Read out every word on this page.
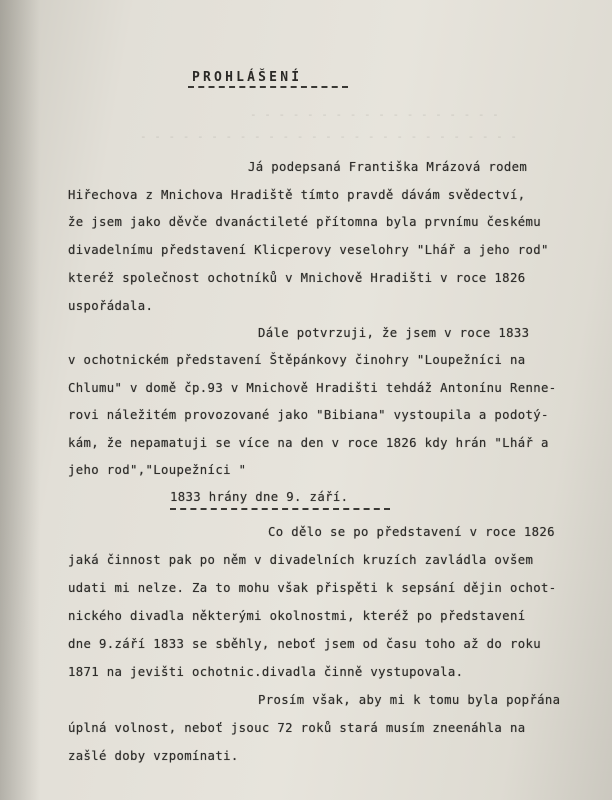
- - - - - - - - - - - - - - - - - -
- - - - - - - - - - - - - - - - - - - - - - - - - - -
PROHLÁŠENÍ
Já podepsaná Františka Mrázová rodem
Hiřechova z Mnichova Hradiště tímto pravdě dávám svědectví,
že jsem jako děvče dvanáctileté přítomna byla prvnímu českému
divadelnímu představení Klicperovy veselohry "Lhář a jeho rod"
kteréž společnost ochotníků v Mnichově Hradišti v roce 1826
uspořádala.
Dále potvrzuji, že jsem v roce 1833
v ochotnickém představení Štěpánkovy činohry "Loupežníci na
Chlumu" v domě čp.93 v Mnichově Hradišti tehdáž Antonínu Renne-
rovi náležitém provozované jako "Bibiana" vystoupila a podotý-
kám, že nepamatuji se více na den v roce 1826 kdy hrán "Lhář a
jeho rod","Loupežníci "
1833 hrány dne 9. září.
Co dělo se po představení v roce 1826
jaká činnost pak po něm v divadelních kruzích zavládla ovšem
udati mi nelze. Za to mohu však přispěti k sepsání dějin ochot-
nického divadla některými okolnostmi, kteréž po představení
dne 9.září 1833 se sběhly, neboť jsem od času toho až do roku
1871 na jevišti ochotnic.divadla činně vystupovala.
Prosím však, aby mi k tomu byla popřána
úplná volnost, neboť jsouc 72 roků stará musím zneenáhla na
zašlé doby vzpomínati.
